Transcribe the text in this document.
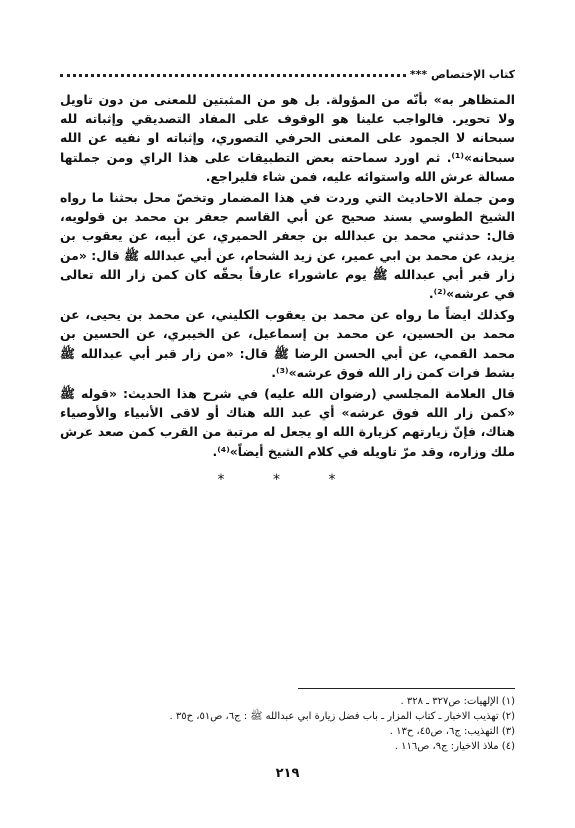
كتاب الإختصاص ***

المتظاهر به» بأنّه من المؤولة. بل هو من المثبتين للمعنى من دون تاويل ولا تحوير. فالواجب علينا هو الوقوف على المفاد التصديقي وإثباته لله سبحانه لا الجمود على المعنى الحرفي التصوري، وإثباته او نفيه عن الله سبحانه»⁽¹⁾. ثم اورد سماحته بعض التطبيقات على هذا الراي ومن جملتها مسالة عرش الله واستوائه عليه، فمن شاء فليراجع.

ومن جملة الاحاديث التي وردت في هذا المضمار وتخصّ محل بحثنا ما رواه الشيخ الطوسي بسند صحيح عن أبي القاسم جعفر بن محمد بن قولويه، قال: حدثني محمد بن عبدالله بن جعفر الحميري، عن أبيه، عن يعقوب بن يزيد، عن محمد بن ابي عمير، عن زيد الشحام، عن أبي عبدالله ﷺ قال: «من زار قبر أبي عبدالله ﷺ يوم عاشوراء عارفاً بحقّه كان كمن زار الله تعالى في عرشه»⁽²⁾.

وكذلك ايضاً ما رواه عن محمد بن يعقوب الكليني، عن محمد بن يحيى، عن محمد بن الحسين، عن محمد بن إسماعيل، عن الخيبري، عن الحسين بن محمد القمي، عن أبي الحسن الرضا ﷺ قال: «من زار قبر أبي عبدالله ﷺ بشط فرات كمن زار الله فوق عرشه»⁽³⁾.

قال العلامة المجلسي (رضوان الله عليه) في شرح هذا الحديث: «قوله ﷺ «كمن زار الله فوق عرشه» أي عبد الله هناك أو لاقى الأنبياء والأوصياء هناك، فإنّ زيارتهم كزيارة الله او يجعل له مرتبة من القرب كمن صعد عرش ملك وزاره، وقد مرّ تاويله في كلام الشيخ أيضاً»⁽⁴⁾.

* * *
(١) الإلهيات: ص٣٢٧ ـ ٣٢٨ .
(٢) تهذيب الاخبار ـ كتاب المزار ـ باب فضل زيارة ابي عبدالله ﷺ : ج٦، ص٥١، ح٣٥ .
(٣) التهذيب: ج٦، ص٤٥، ح١٣ .
(٤) ملاذ الاخيار: ج٩، ص١١٦ .
٢١٩
